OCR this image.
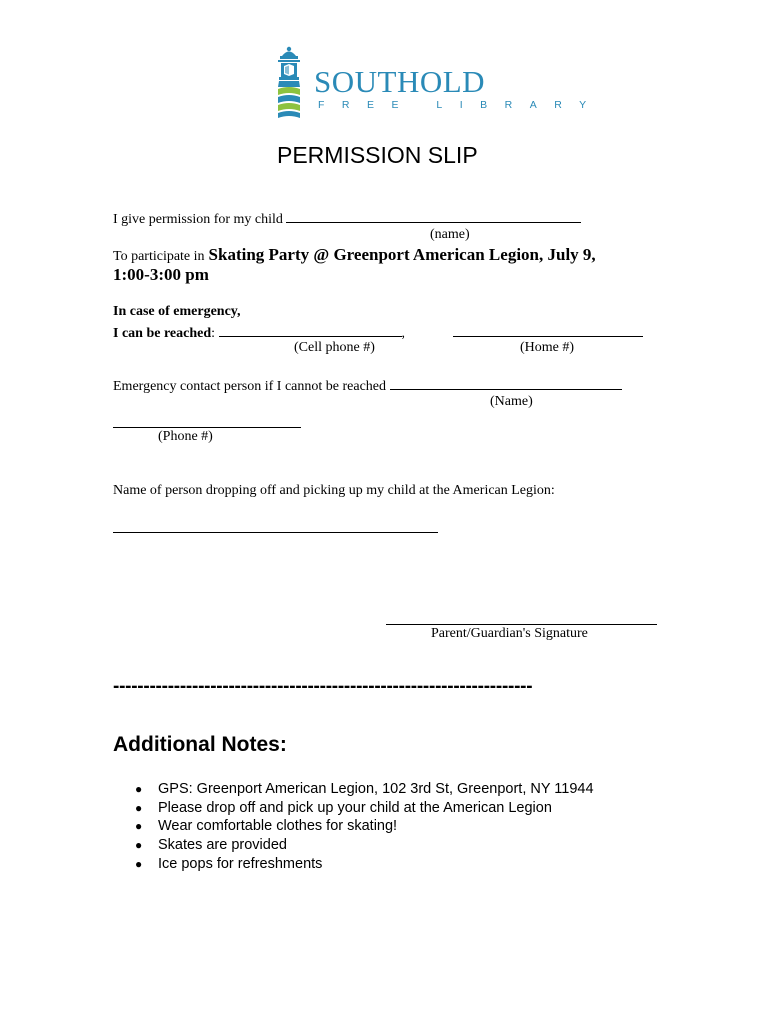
SOUTHOLD
FREE LIBRARY
PERMISSION SLIP
I give permission for my child
(name)
To participate in Skating Party @ Greenport American Legion, July 9,
1:00-3:00 pm
In case of emergency,
I can be reached:	,
(Cell phone #)	(Home #)
Emergency contact person if I cannot be reached
(Name)
(Phone #)
Name of person dropping off and picking up my child at the American Legion:
Parent/Guardian's Signature
---------------------------------------------------------------------
Additional Notes:
● GPS: Greenport American Legion, 102 3rd St, Greenport, NY 11944
● Please drop off and pick up your child at the American Legion
● Wear comfortable clothes for skating!
● Skates are provided
● Ice pops for refreshments
